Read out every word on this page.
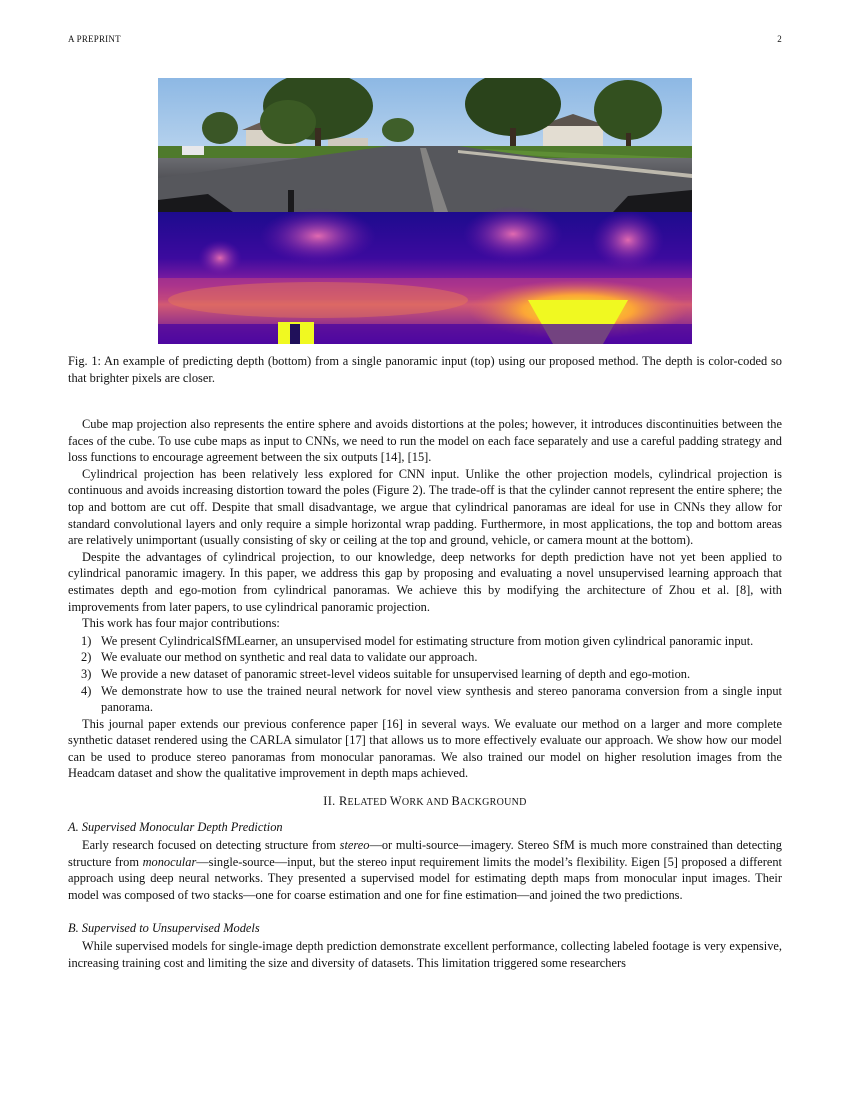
A PREPRINT	2
Fig. 1: An example of predicting depth (bottom) from a single panoramic input (top) using our proposed method. The depth is color-coded so that brighter pixels are closer.

Cube map projection also represents the entire sphere and avoids distortions at the poles; however, it introduces discontinuities between the faces of the cube. To use cube maps as input to CNNs, we need to run the model on each face separately and use a careful padding strategy and loss functions to encourage agreement between the six outputs [14], [15].

Cylindrical projection has been relatively less explored for CNN input. Unlike the other projection models, cylindrical projection is continuous and avoids increasing distortion toward the poles (Figure 2). The trade-off is that the cylinder cannot represent the entire sphere; the top and bottom are cut off. Despite that small disadvantage, we argue that cylindrical panoramas are ideal for use in CNNs they allow for standard convolutional layers and only require a simple horizontal wrap padding. Furthermore, in most applications, the top and bottom areas are relatively unimportant (usually consisting of sky or ceiling at the top and ground, vehicle, or camera mount at the bottom).

Despite the advantages of cylindrical projection, to our knowledge, deep networks for depth prediction have not yet been applied to cylindrical panoramic imagery. In this paper, we address this gap by proposing and evaluating a novel unsupervised learning approach that estimates depth and ego-motion from cylindrical panoramas. We achieve this by modifying the architecture of Zhou et al. [8], with improvements from later papers, to use cylindrical panoramic projection.

This work has four major contributions:

1) We present CylindricalSfMLearner, an unsupervised model for estimating structure from motion given cylindrical panoramic input.
2) We evaluate our method on synthetic and real data to validate our approach.
3) We provide a new dataset of panoramic street-level videos suitable for unsupervised learning of depth and ego-motion.
4) We demonstrate how to use the trained neural network for novel view synthesis and stereo panorama conversion from a single input panorama.

This journal paper extends our previous conference paper [16] in several ways. We evaluate our method on a larger and more complete synthetic dataset rendered using the CARLA simulator [17] that allows us to more effectively evaluate our approach. We show how our model can be used to produce stereo panoramas from monocular panoramas. We also trained our model on higher resolution images from the Headcam dataset and show the qualitative improvement in depth maps achieved.

II. RELATED WORK AND BACKGROUND
A. Supervised Monocular Depth Prediction

Early research focused on detecting structure from stereo—or multi-source—imagery. Stereo SfM is much more constrained than detecting structure from monocular—single-source—input, but the stereo input requirement limits the model’s flexibility. Eigen [5] proposed a different approach using deep neural networks. They presented a supervised model for estimating depth maps from monocular input images. Their model was composed of two stacks—one for coarse estimation and one for fine estimation—and joined the two predictions.

B. Supervised to Unsupervised Models

While supervised models for single-image depth prediction demonstrate excellent performance, collecting labeled footage is very expensive, increasing training cost and limiting the size and diversity of datasets. This limitation triggered some researchers
